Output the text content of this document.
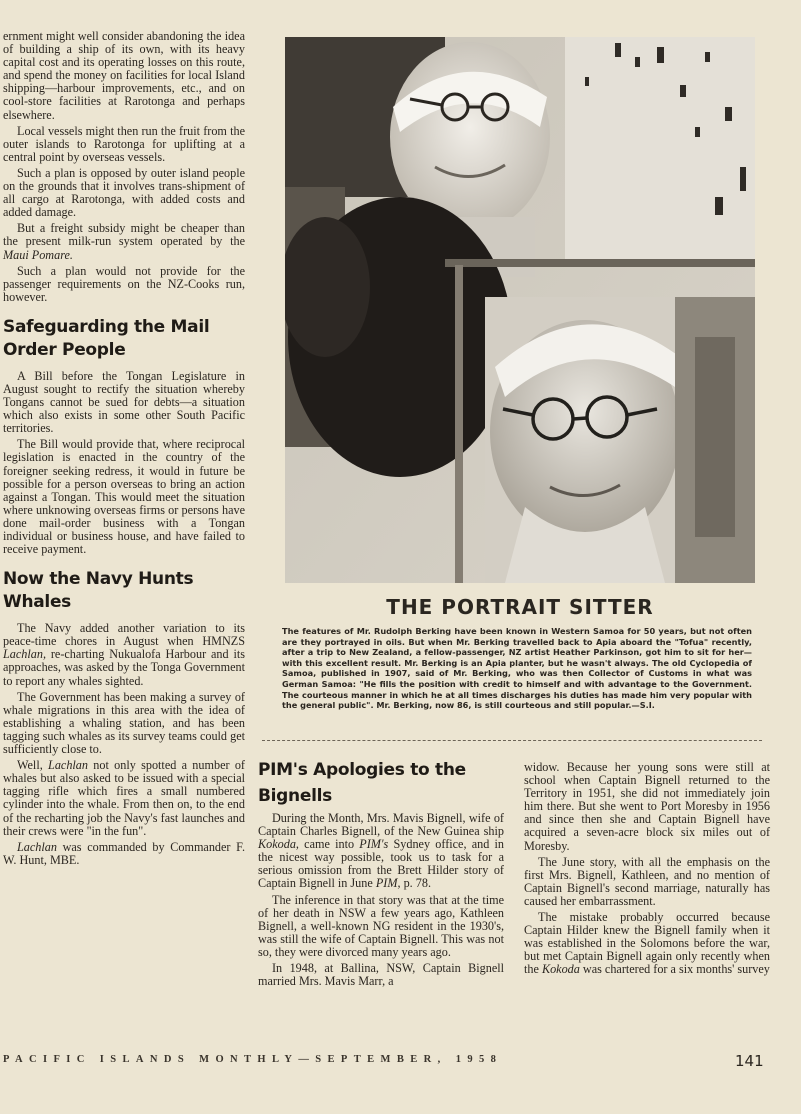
ernment might well consider abandoning the idea of building a ship of its own, with its heavy capital cost and its operating losses on this route, and spend the money on facilities for local Island shipping—harbour improvements, etc., and on cool-store facilities at Rarotonga and perhaps elsewhere.

Local vessels might then run the fruit from the outer islands to Rarotonga for uplifting at a central point by overseas vessels.

Such a plan is opposed by outer island people on the grounds that it involves trans-shipment of all cargo at Rarotonga, with added costs and added damage.

But a freight subsidy might be cheaper than the present milk-run system operated by the Maui Pomare.

Such a plan would not provide for the passenger requirements on the NZ-Cooks run, however.

Safeguarding the Mail Order People

A Bill before the Tongan Legislature in August sought to rectify the situation whereby Tongans cannot be sued for debts—a situation which also exists in some other South Pacific territories.

The Bill would provide that, where reciprocal legislation is enacted in the country of the foreigner seeking redress, it would in future be possible for a person overseas to bring an action against a Tongan. This would meet the situation where unknowing overseas firms or persons have done mail-order business with a Tongan individual or business house, and have failed to receive payment.

Now the Navy Hunts Whales

The Navy added another variation to its peace-time chores in August when HMNZS Lachlan, re-charting Nukualofa Harbour and its approaches, was asked by the Tonga Government to report any whales sighted.

The Government has been making a survey of whale migrations in this area with the idea of establishing a whaling station, and has been tagging such whales as its survey teams could get sufficiently close to.

Well, Lachlan not only spotted a number of whales but also asked to be issued with a special tagging rifle which fires a small numbered cylinder into the whale. From then on, to the end of the recharting job the Navy's fast launches and their crews were "in the fun".

Lachlan was commanded by Commander F. W. Hunt, MBE.

THE PORTRAIT SITTER

The features of Mr. Rudolph Berking have been known in Western Samoa for 50 years, but not often are they portrayed in oils. But when Mr. Berking travelled back to Apia aboard the "Tofua" recently, after a trip to New Zealand, a fellow-passenger, NZ artist Heather Parkinson, got him to sit for her—with this excellent result. Mr. Berking is an Apia planter, but he wasn't always. The old Cyclopedia of Samoa, published in 1907, said of Mr. Berking, who was then Collector of Customs in what was German Samoa: "He fills the position with credit to himself and with advantage to the Government. The courteous manner in which he at all times discharges his duties has made him very popular with the general public". Mr. Berking, now 86, is still courteous and still popular.—S.I.

PIM's Apologies to the Bignells

During the Month, Mrs. Mavis Bignell, wife of Captain Charles Bignell, of the New Guinea ship Kokoda, came into PIM's Sydney office, and in the nicest way possible, took us to task for a serious omission from the Brett Hilder story of Captain Bignell in June PIM, p. 78.

The inference in that story was that at the time of her death in NSW a few years ago, Kathleen Bignell, a well-known NG resident in the 1930's, was still the wife of Captain Bignell. This was not so, they were divorced many years ago.

In 1948, at Ballina, NSW, Captain Bignell married Mrs. Mavis Marr, a

widow. Because her young sons were still at school when Captain Bignell returned to the Territory in 1951, she did not immediately join him there. But she went to Port Moresby in 1956 and since then she and Captain Bignell have acquired a seven-acre block six miles out of Moresby.

The June story, with all the emphasis on the first Mrs. Bignell, Kathleen, and no mention of Captain Bignell's second marriage, naturally has caused her embarrassment.

The mistake probably occurred because Captain Hilder knew the Bignell family when it was established in the Solomons before the war, but met Captain Bignell again only recently when the Kokoda was chartered for a six months' survey

PACIFIC ISLANDS MONTHLY—SEPTEMBER, 1958	141
